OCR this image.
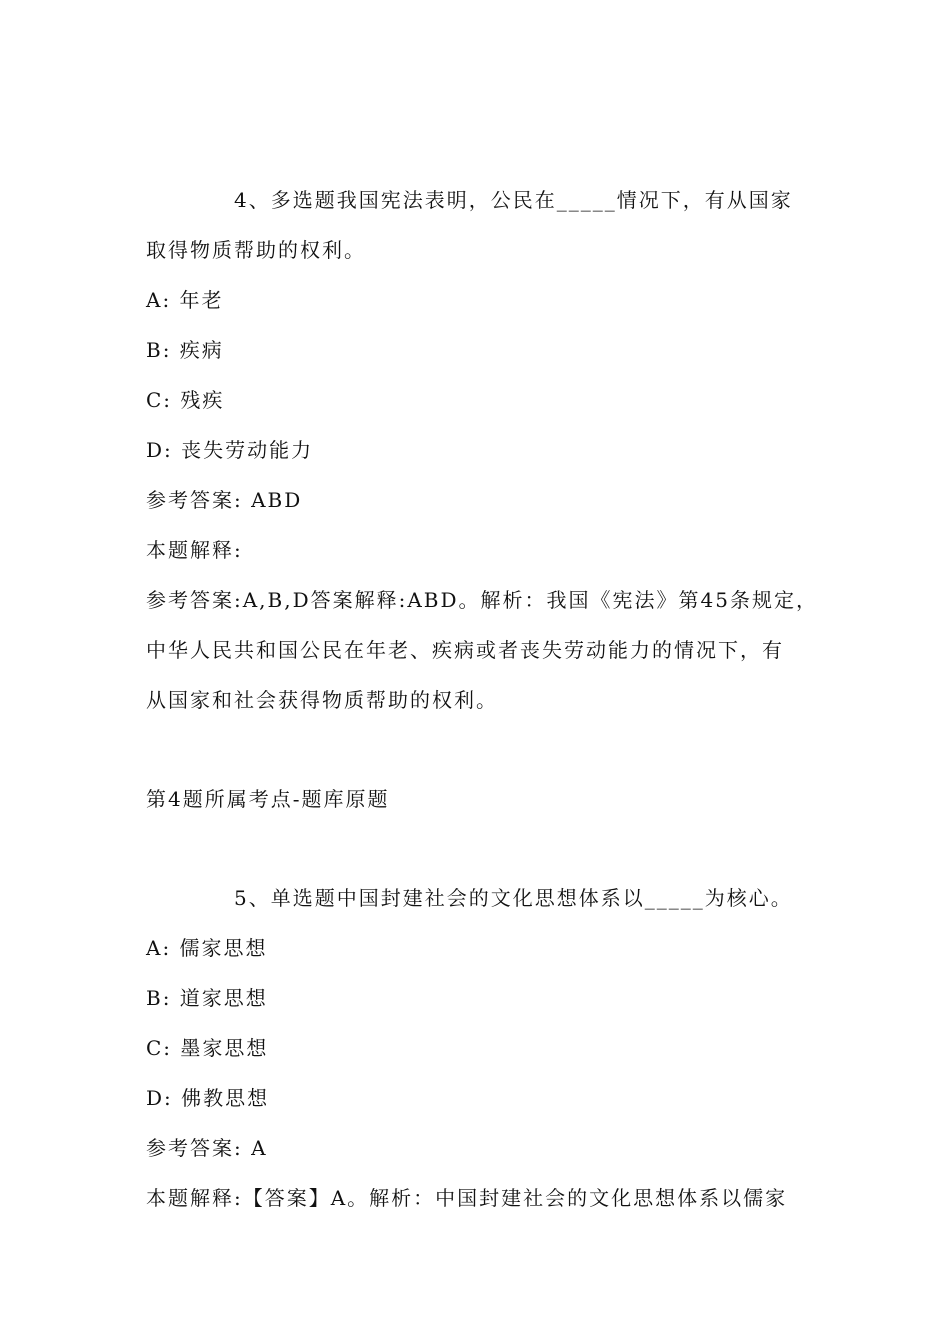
4、多选题我国宪法表明，公民在_____情况下，有从国家
取得物质帮助的权利。
A: 年老
B: 疾病
C: 残疾
D: 丧失劳动能力
参考答案: ABD
本题解释:
参考答案:A,B,D答案解释:ABD。解析：我国《宪法》第45条规定，
中华人民共和国公民在年老、疾病或者丧失劳动能力的情况下，有
从国家和社会获得物质帮助的权利。
第4题所属考点-题库原题
5、单选题中国封建社会的文化思想体系以_____为核心。
A: 儒家思想
B: 道家思想
C: 墨家思想
D: 佛教思想
参考答案: A
本题解释:【答案】A。解析：中国封建社会的文化思想体系以儒家
